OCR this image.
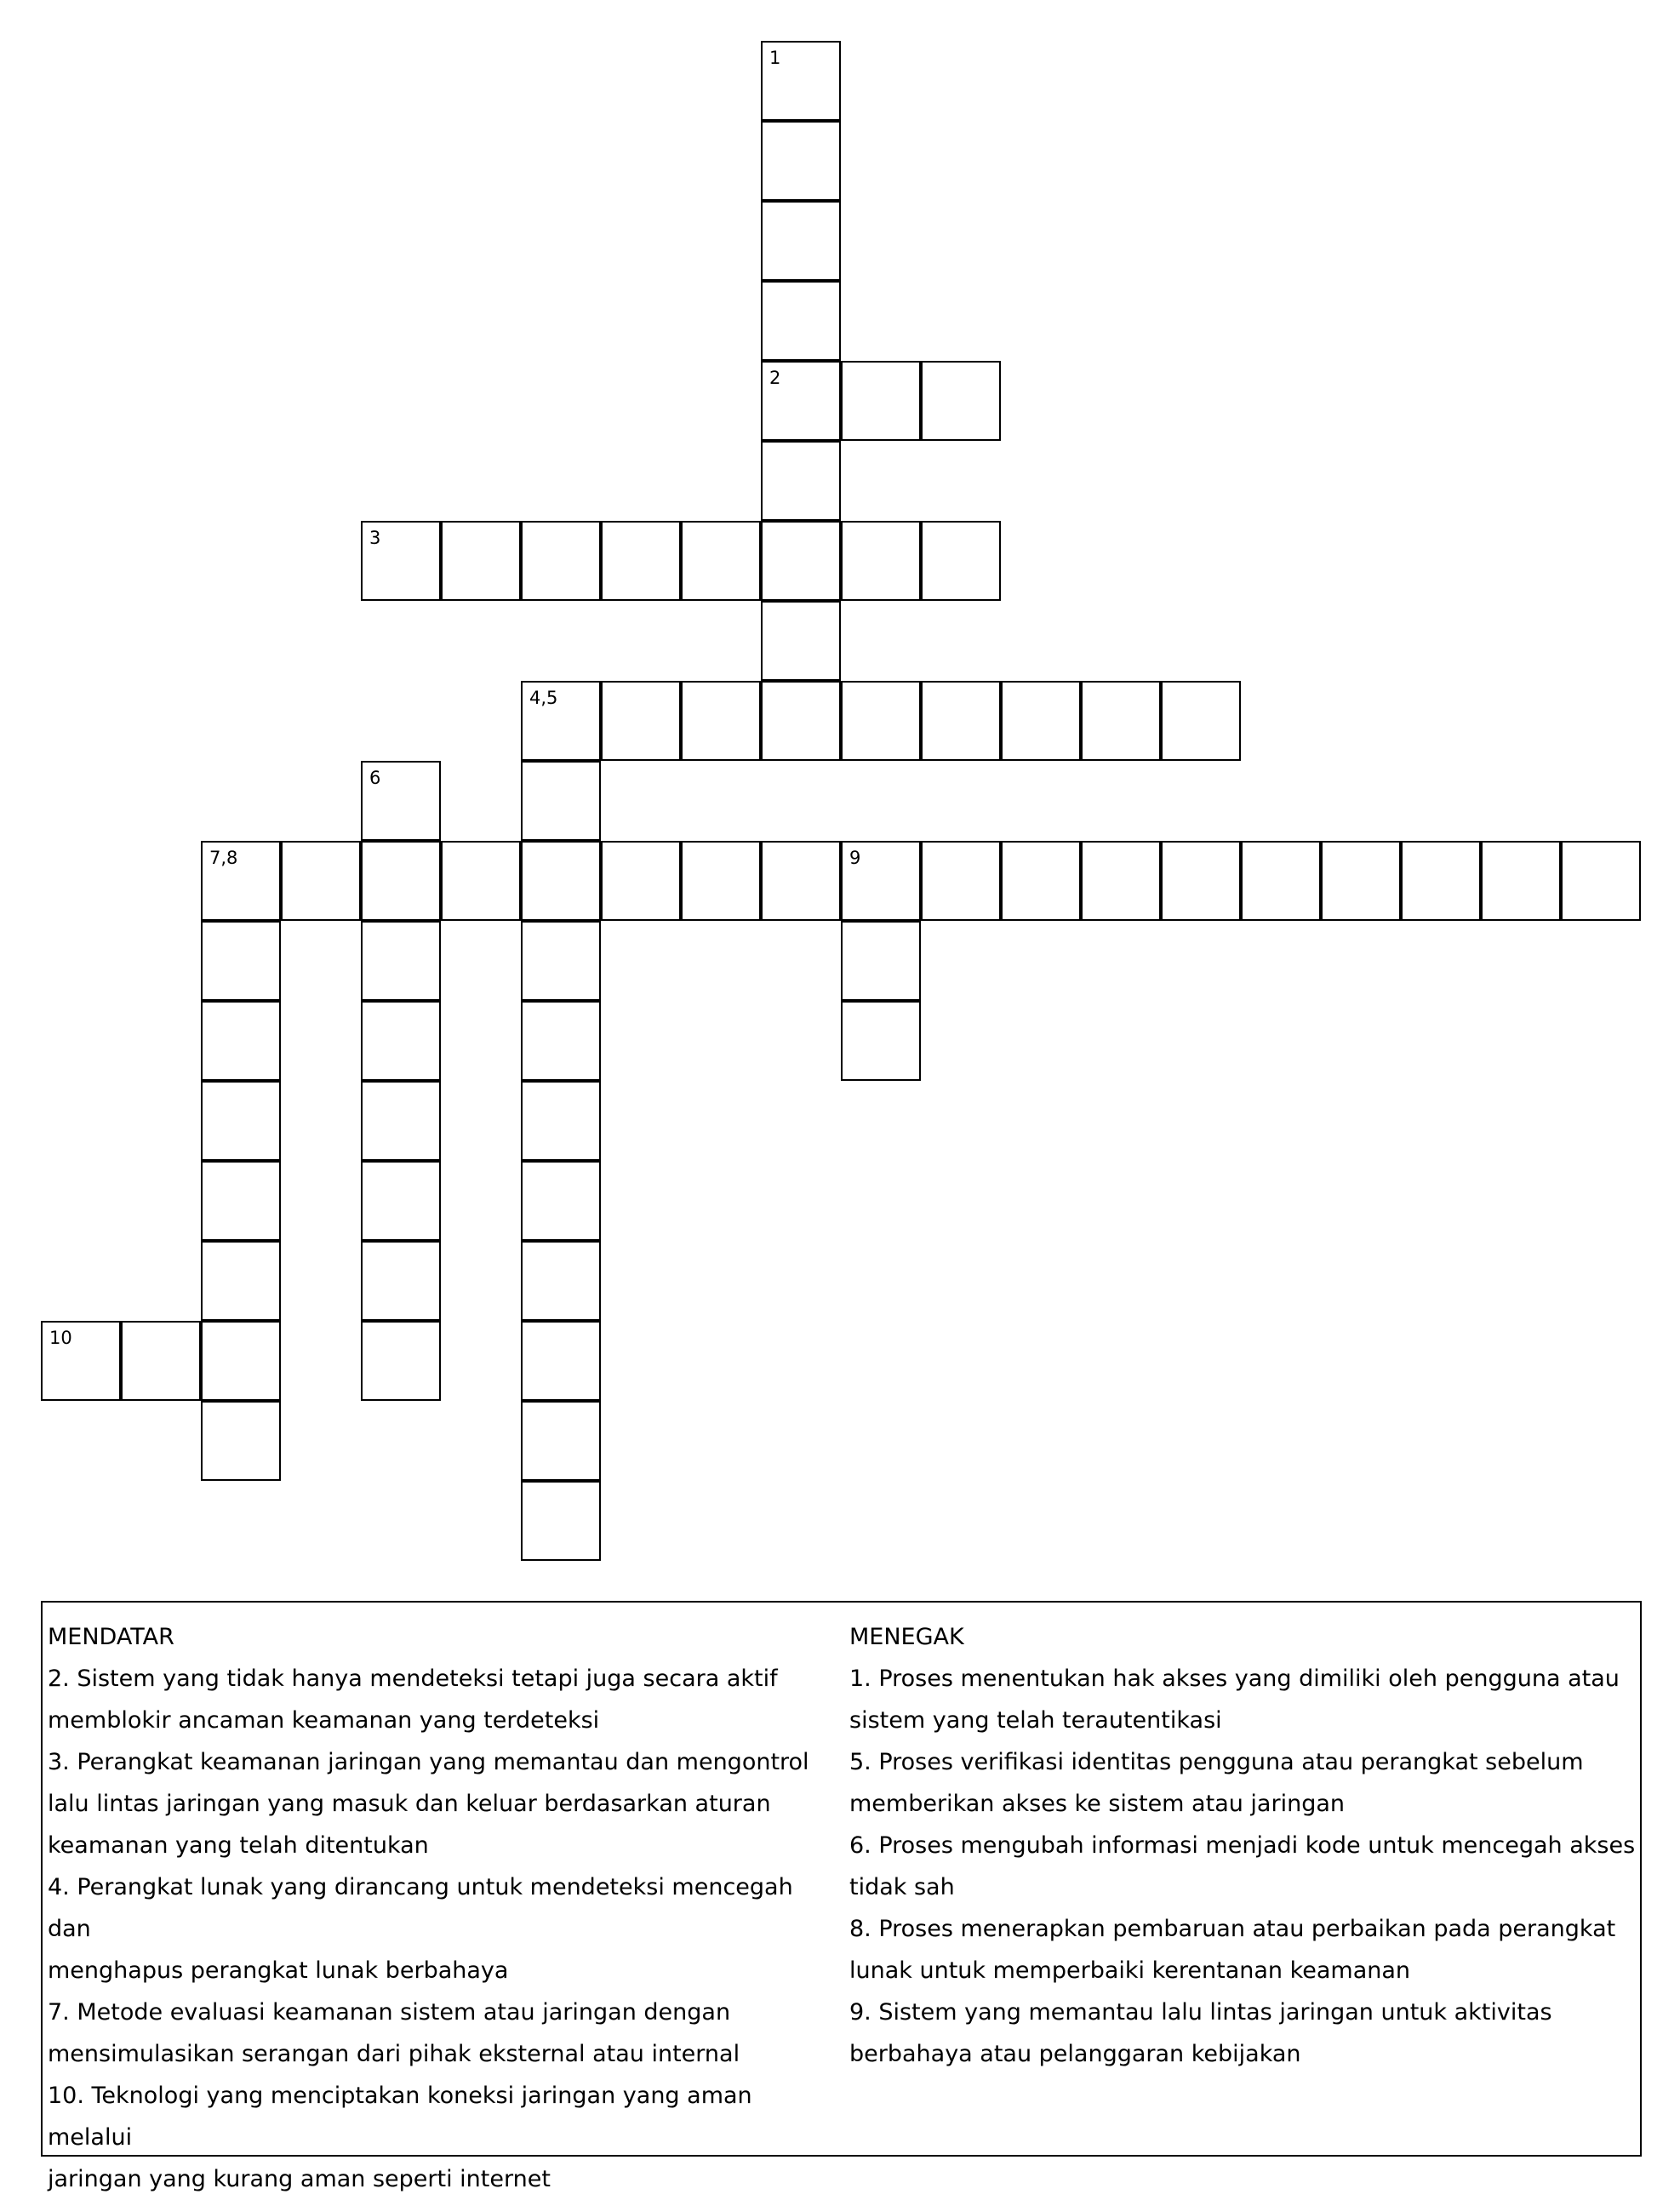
1
2
3
4,5
6
7,8	9
10
MENDATAR
2. Sistem yang tidak hanya mendeteksi tetapi juga secara aktif
memblokir ancaman keamanan yang terdeteksi
3. Perangkat keamanan jaringan yang memantau dan mengontrol
lalu lintas jaringan yang masuk dan keluar berdasarkan aturan
keamanan yang telah ditentukan
4. Perangkat lunak yang dirancang untuk mendeteksi mencegah dan
menghapus perangkat lunak berbahaya
7. Metode evaluasi keamanan sistem atau jaringan dengan
mensimulasikan serangan dari pihak eksternal atau internal
10. Teknologi yang menciptakan koneksi jaringan yang aman melalui
jaringan yang kurang aman seperti internet
MENEGAK
1. Proses menentukan hak akses yang dimiliki oleh pengguna atau
sistem yang telah terautentikasi
5. Proses verifikasi identitas pengguna atau perangkat sebelum
memberikan akses ke sistem atau jaringan
6. Proses mengubah informasi menjadi kode untuk mencegah akses
tidak sah
8. Proses menerapkan pembaruan atau perbaikan pada perangkat
lunak untuk memperbaiki kerentanan keamanan
9. Sistem yang memantau lalu lintas jaringan untuk aktivitas
berbahaya atau pelanggaran kebijakan
